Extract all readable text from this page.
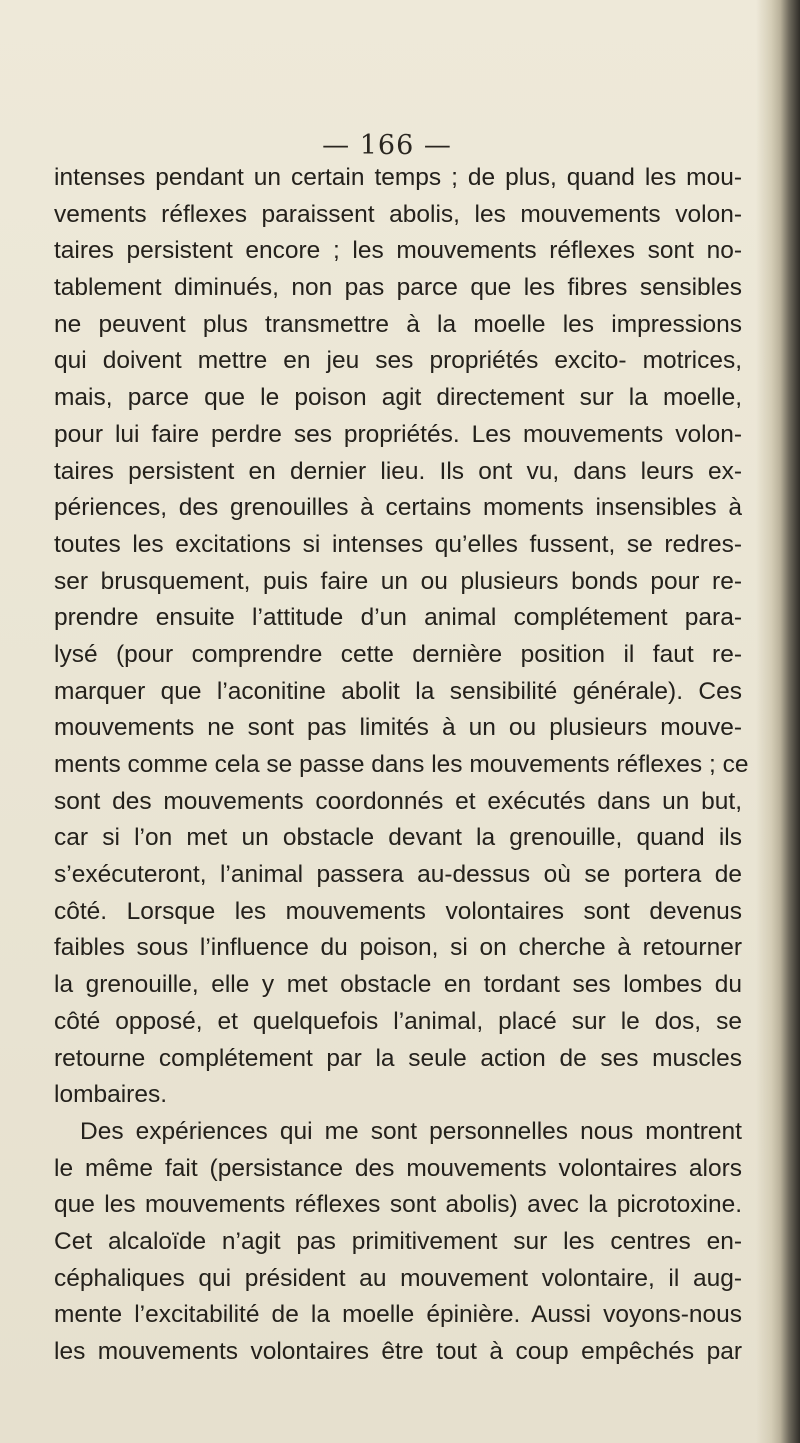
— 166 —
intenses pendant un certain temps ; de plus, quand les mou-
vements réflexes paraissent abolis, les mouvements volon-
taires persistent encore ; les mouvements réflexes sont no-
tablement diminués, non pas parce que les fibres sensibles
ne peuvent plus transmettre à la moelle les impressions
qui doivent mettre en jeu ses propriétés excito- motrices,
mais, parce que le poison agit directement sur la moelle,
pour lui faire perdre ses propriétés. Les mouvements volon-
taires persistent en dernier lieu. Ils ont vu, dans leurs ex-
périences, des grenouilles à certains moments insensibles à
toutes les excitations si intenses qu’elles fussent, se redres-
ser brusquement, puis faire un ou plusieurs bonds pour re-
prendre ensuite l’attitude d’un animal complétement para-
lysé (pour comprendre cette dernière position il faut re-
marquer que l’aconitine abolit la sensibilité générale). Ces
mouvements ne sont pas limités à un ou plusieurs mouve-
ments comme cela se passe dans les mouvements réflexes ; ce
sont des mouvements coordonnés et exécutés dans un but,
car si l’on met un obstacle devant la grenouille, quand ils
s’exécuteront, l’animal passera au-dessus où se portera de
côté. Lorsque les mouvements volontaires sont devenus
faibles sous l’influence du poison, si on cherche à retourner
la grenouille, elle y met obstacle en tordant ses lombes du
côté opposé, et quelquefois l’animal, placé sur le dos, se
retourne complétement par la seule action de ses muscles
lombaires.
Des expériences qui me sont personnelles nous montrent
le même fait (persistance des mouvements volontaires alors
que les mouvements réflexes sont abolis) avec la picrotoxine.
Cet alcaloïde n’agit pas primitivement sur les centres en-
céphaliques qui président au mouvement volontaire, il aug-
mente l’excitabilité de la moelle épinière. Aussi voyons-nous
les mouvements volontaires être tout à coup empêchés par
